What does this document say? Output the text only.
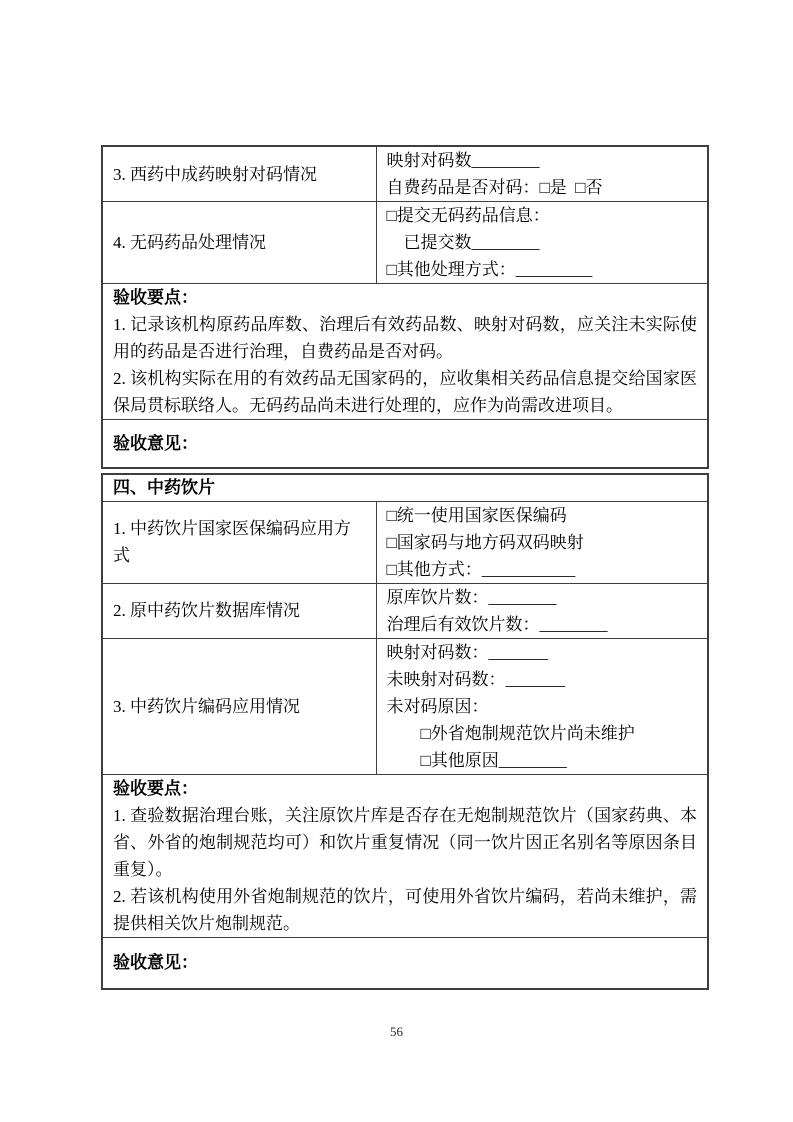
3. 西药中成药映射对码情况	映射对码数________
自费药品是否对码：□是  □否

4. 无码药品处理情况	□提交无码药品信息：
已提交数________
□其他处理方式：_________

验收要点：

1. 记录该机构原药品库数、治理后有效药品数、映射对码数，应关注未实际使用的药品是否进行治理，自费药品是否对码。

2. 该机构实际在用的有效药品无国家码的，应收集相关药品信息提交给国家医保局贯标联络人。无码药品尚未进行处理的，应作为尚需改进项目。	

验收意见：	
四、中药饮片	
1. 中药饮片国家医保编码应用方式	□统一使用国家医保编码
□国家码与地方码双码映射
□其他方式：___________

2. 原中药饮片数据库情况	原库饮片数：________
治理后有效饮片数：________

3. 中药饮片编码应用情况	映射对码数：_______
未映射对码数：_______
未对码原因：
□外省炮制规范饮片尚未维护
□其他原因________

验收要点：

1. 查验数据治理台账，关注原饮片库是否存在无炮制规范饮片（国家药典、本省、外省的炮制规范均可）和饮片重复情况（同一饮片因正名别名等原因条目重复）。

2. 若该机构使用外省炮制规范的饮片，可使用外省饮片编码，若尚未维护，需提供相关饮片炮制规范。	

验收意见：	
56
